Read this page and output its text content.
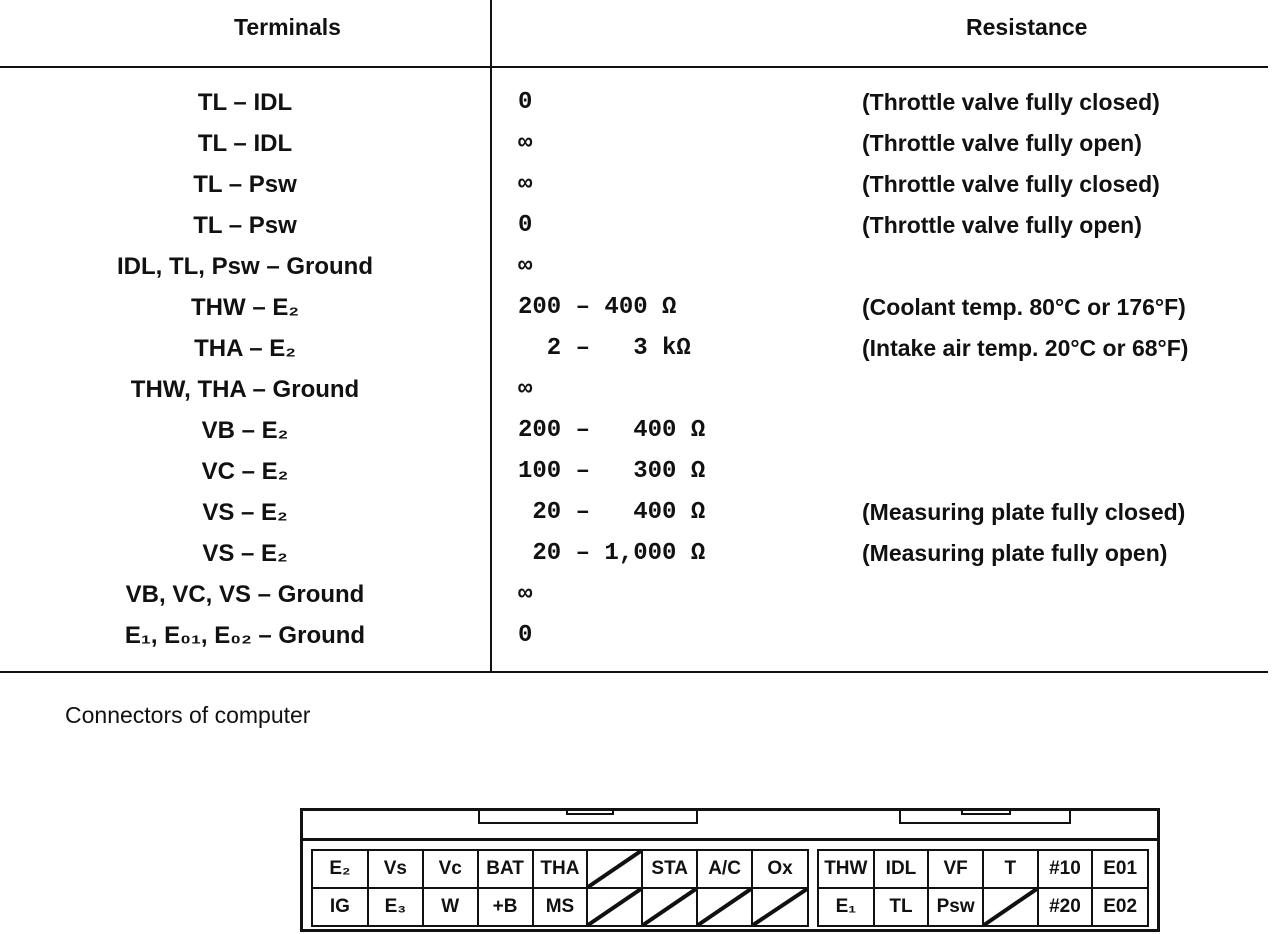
Terminals	Resistance
TL – IDL	0	(Throttle valve fully closed)
TL – IDL	∞	(Throttle valve fully open)
TL – Psw	∞	(Throttle valve fully closed)
TL – Psw	0	(Throttle valve fully open)
IDL, TL, Psw – Ground	∞
THW – E₂	200 – 400 Ω	(Coolant temp. 80°C or 176°F)
THA – E₂	2 –   3 kΩ	(Intake air temp. 20°C or 68°F)
THW, THA – Ground	∞
VB – E₂	200 –   400 Ω
VC – E₂	100 –   300 Ω
VS – E₂	20 –   400 Ω	(Measuring plate fully closed)
VS – E₂	20 – 1,000 Ω	(Measuring plate fully open)
VB, VC, VS – Ground	∞
E₁, E₀₁, E₀₂ – Ground	0
Connectors of computer
E₂	Vs	Vc	BAT	THA		STA	A/C	Ox
IG	E₃	W	+B	MS	

THW	IDL	VF	T	#10	E01
E₁	TL	Psw		#20	E02
